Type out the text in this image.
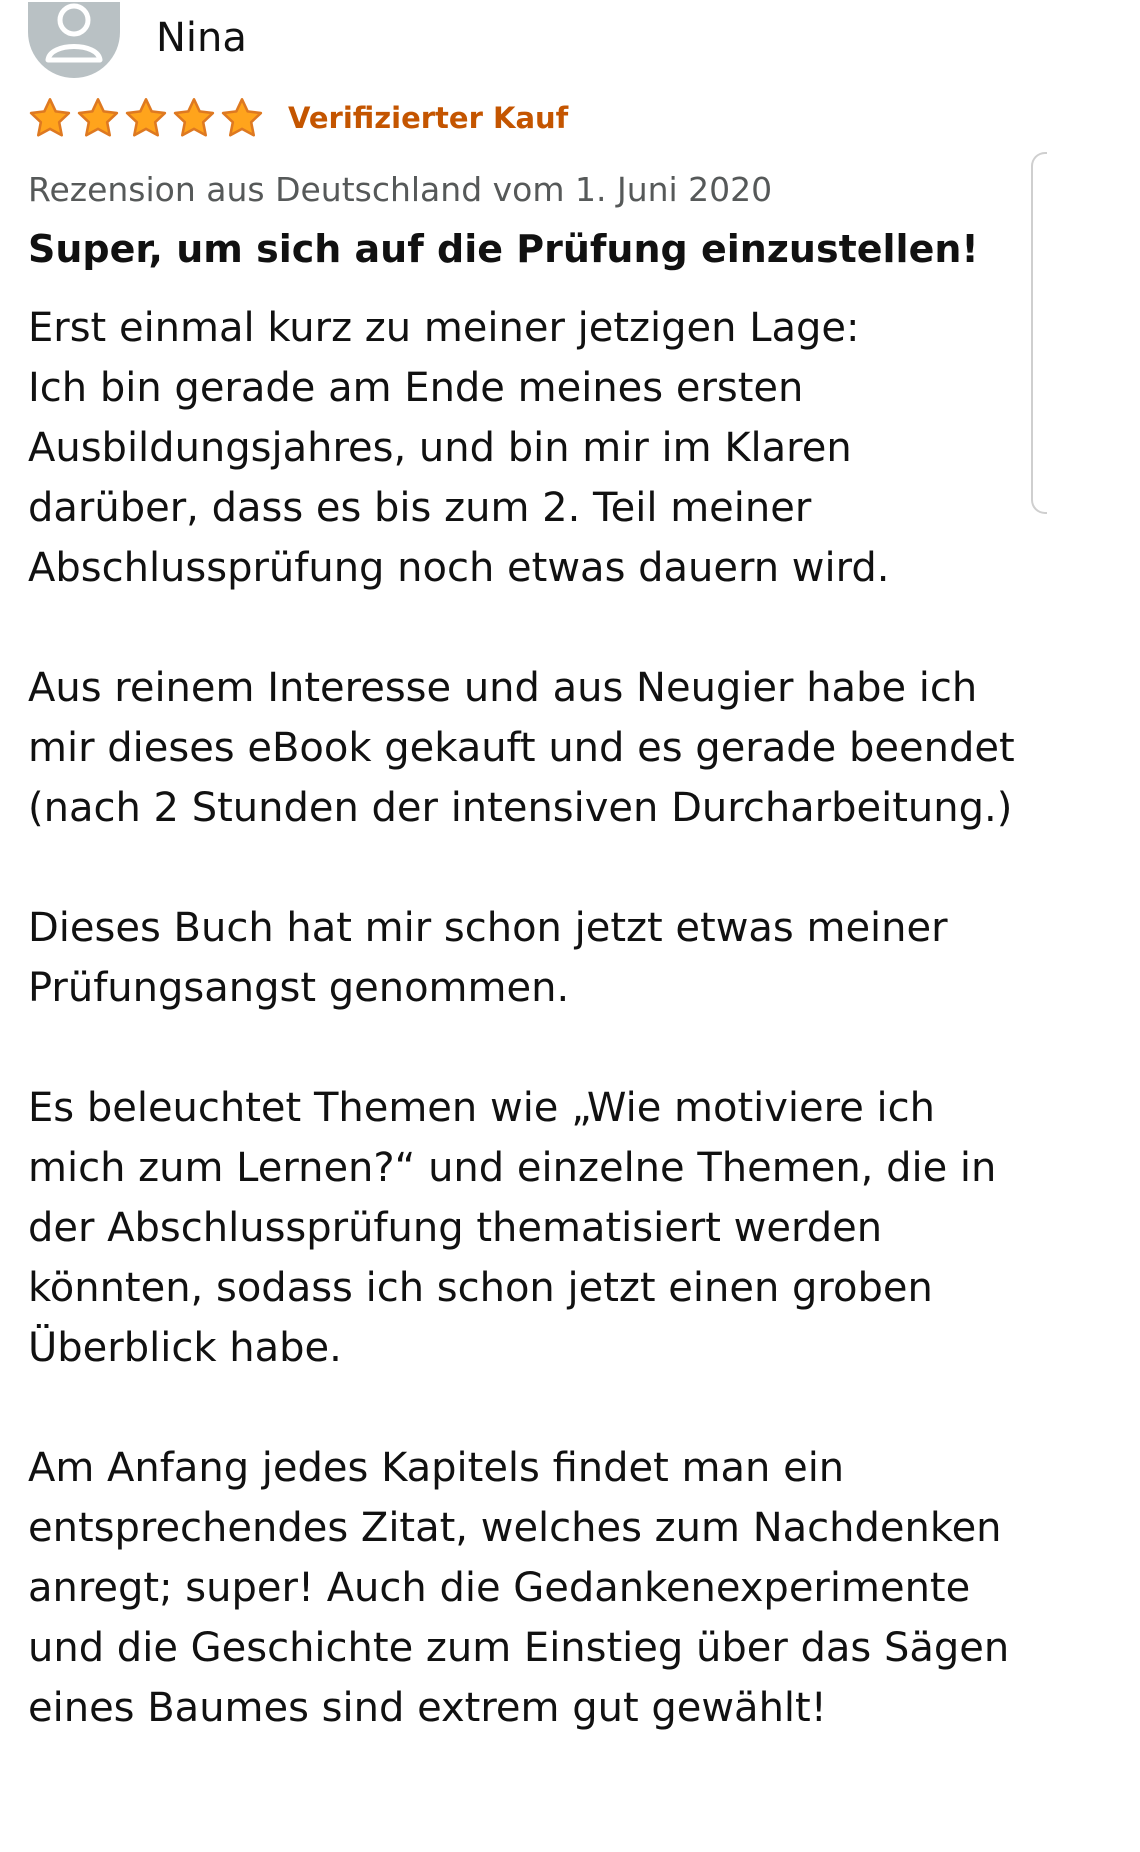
Nina
Verifizierter Kauf
Rezension aus Deutschland vom 1. Juni 2020
Super, um sich auf die Prüfung einzustellen!

Erst einmal kurz zu meiner jetzigen Lage:
Ich bin gerade am Ende meines ersten Ausbildungsjahres, und bin mir im Klaren darüber, dass es bis zum 2. Teil meiner Abschlussprüfung noch etwas dauern wird.

Aus reinem Interesse und aus Neugier habe ich mir dieses eBook gekauft und es gerade beendet (nach 2 Stunden der intensiven Durcharbeitung.)

Dieses Buch hat mir schon jetzt etwas meiner Prüfungsangst genommen.

Es beleuchtet Themen wie „Wie motiviere ich mich zum Lernen?“ und einzelne Themen, die in der Abschlussprüfung thematisiert werden könnten, sodass ich schon jetzt einen groben Überblick habe.

Am Anfang jedes Kapitels findet man ein entsprechendes Zitat, welches zum Nachdenken anregt; super! Auch die Gedankenexperimente und die Geschichte zum Einstieg über das Sägen eines Baumes sind extrem gut gewählt!
